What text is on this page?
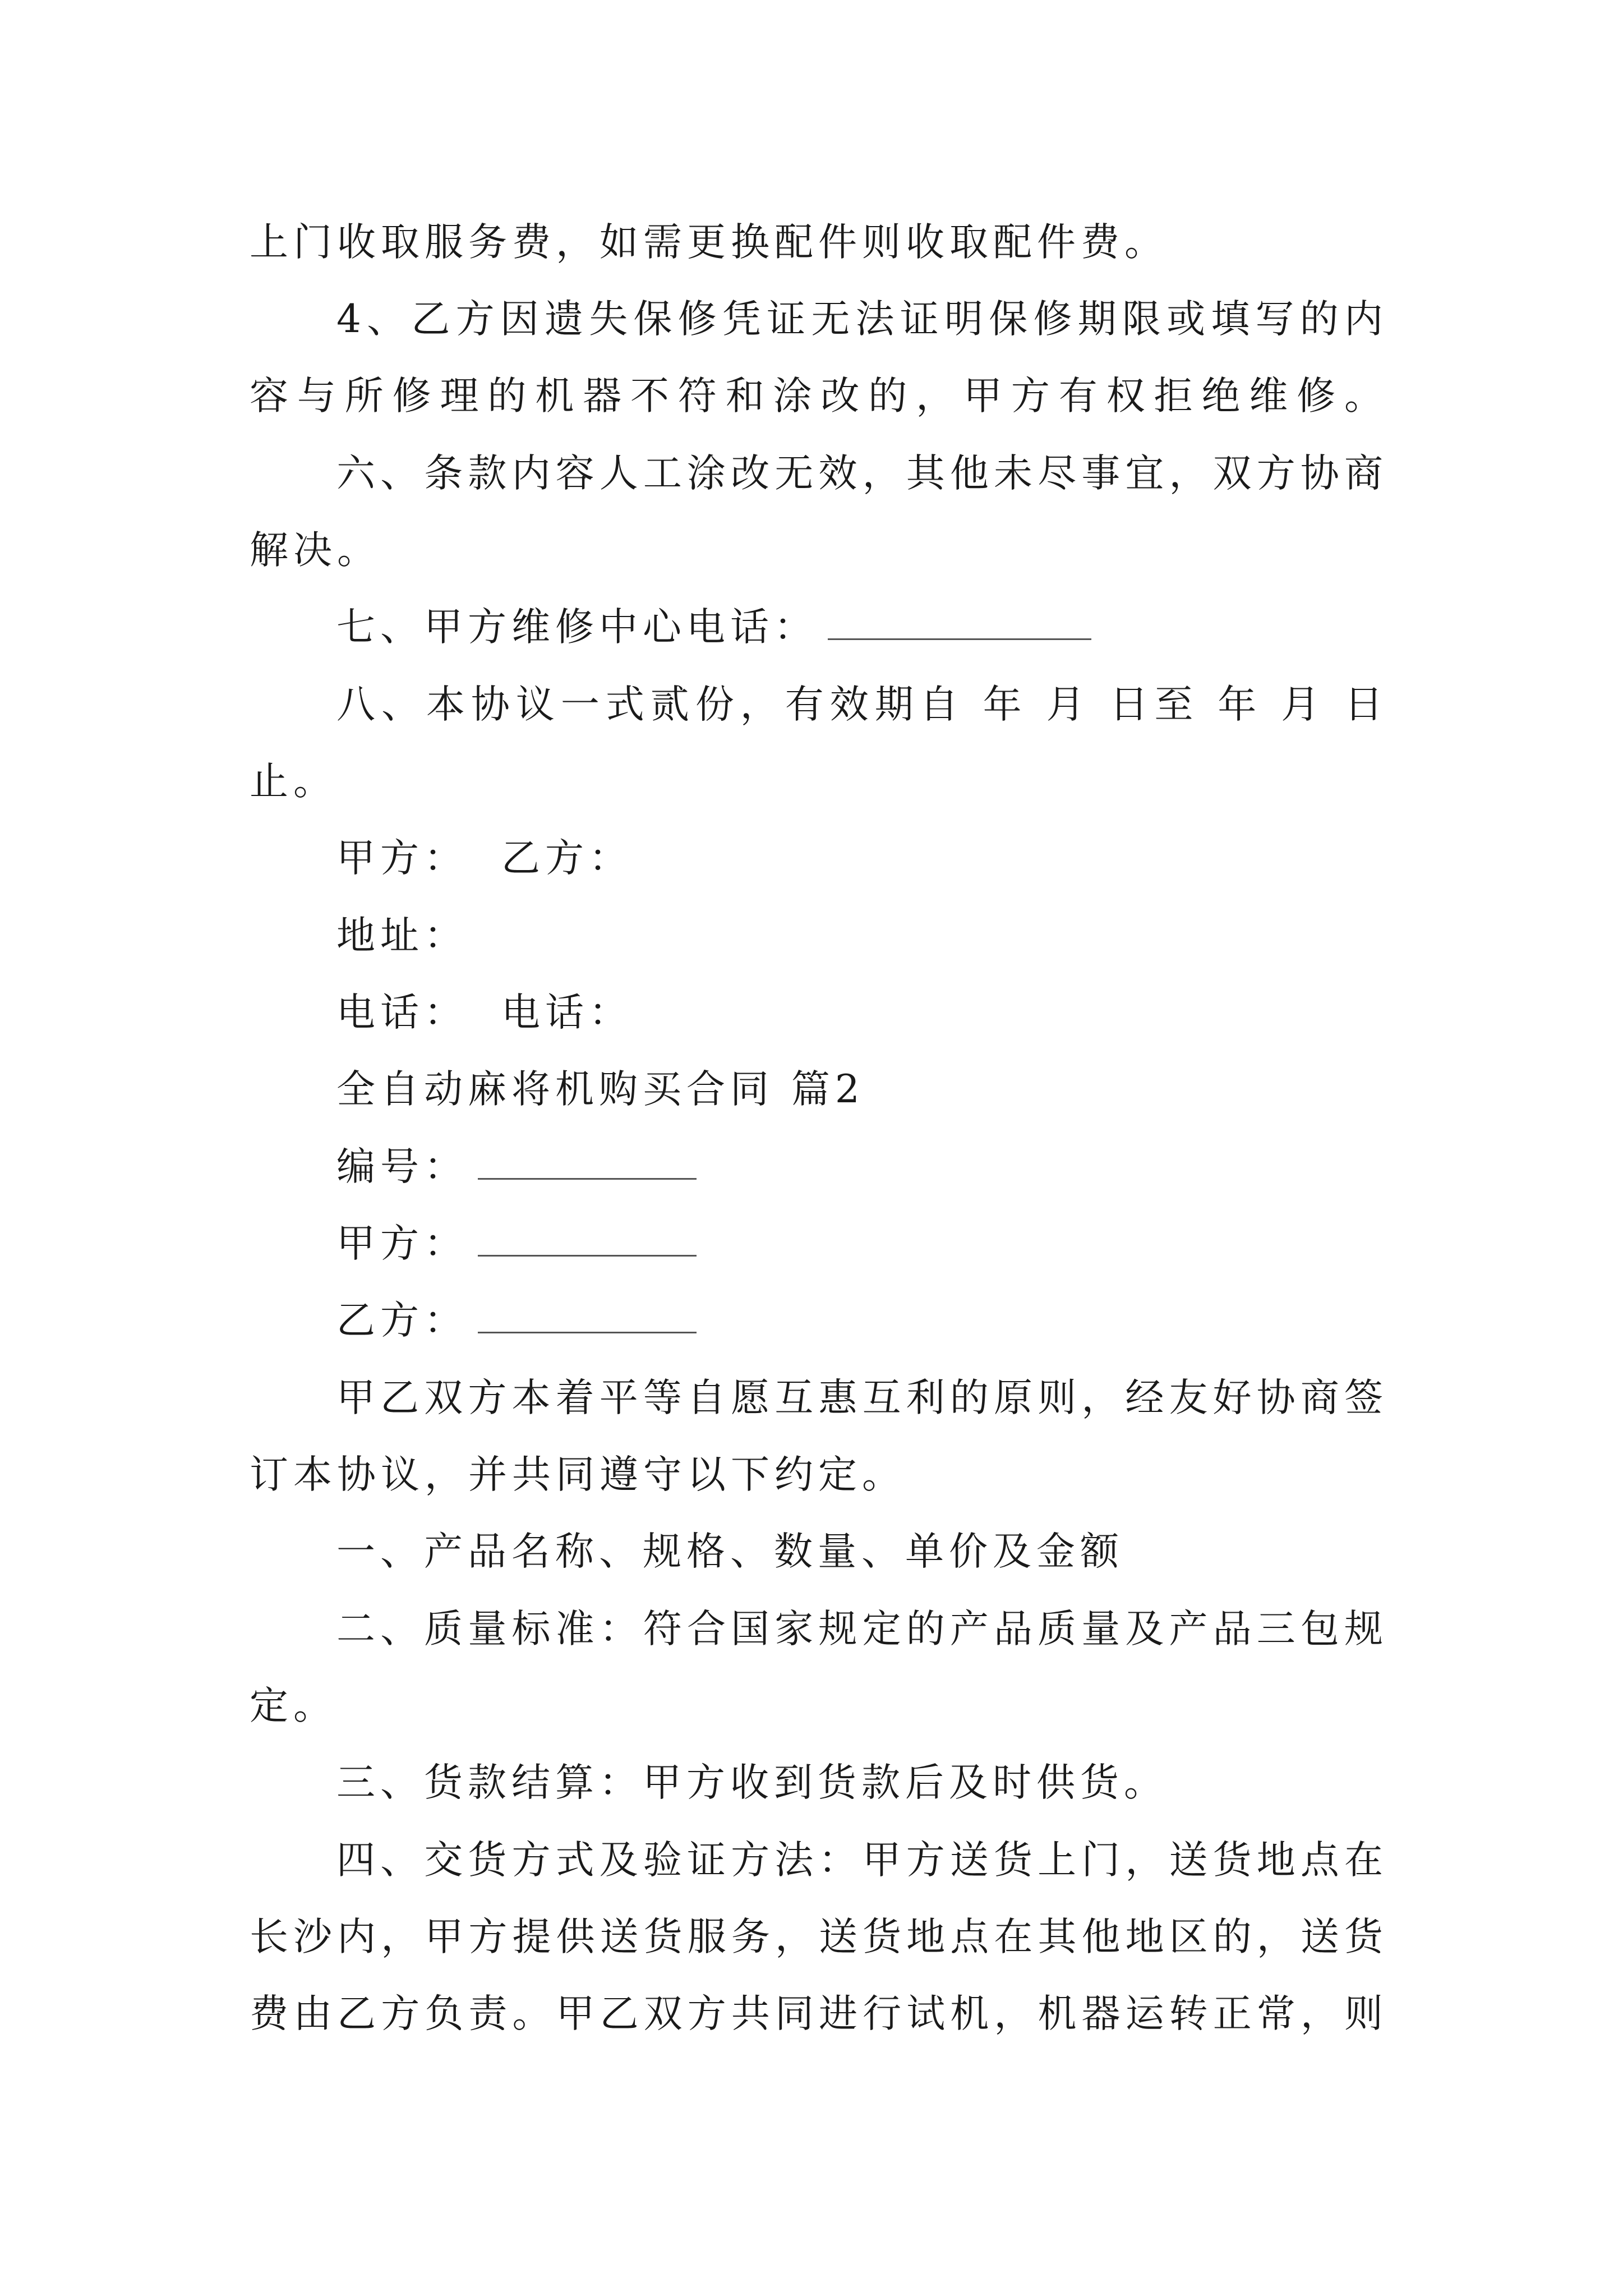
上门收取服务费，如需更换配件则收取配件费。
4、乙方因遗失保修凭证无法证明保修期限或填写的内
容与所修理的机器不符和涂改的，甲方有权拒绝维修。
六、条款内容人工涂改无效，其他未尽事宜，双方协商
解决。
七、甲方维修中心电话：
八、本协议一式贰份，有效期自 年 月 日至 年 月 日
止。
甲方： 乙方：
地址：
电话： 电话：
全自动麻将机购买合同 篇2
编号：
甲方：
乙方：
甲乙双方本着平等自愿互惠互利的原则，经友好协商签
订本协议，并共同遵守以下约定。
一、产品名称、规格、数量、单价及金额
二、质量标准：符合国家规定的产品质量及产品三包规
定。
三、货款结算：甲方收到货款后及时供货。
四、交货方式及验证方法：甲方送货上门，送货地点在
长沙内，甲方提供送货服务，送货地点在其他地区的，送货
费由乙方负责。甲乙双方共同进行试机，机器运转正常，则
